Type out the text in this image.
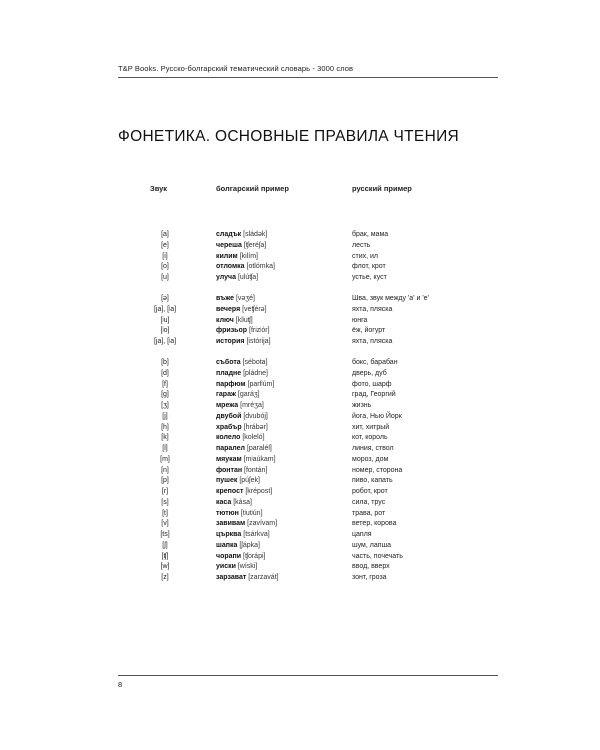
T&P Books. Русско-болгарский тематический словарь - 3000 слов
ФОНЕТИКА. ОСНОВНЫЕ ПРАВИЛА ЧТЕНИЯ
Звук	болгарский пример	русский пример
[a]	сладък [sládək]	брак, мама
[e]	череша [ʧeréʃa]	лесть
[i]	килим [kilím]	стих, ил
[o]	отломка [otlómka]	флот, крот
[u]	улуча [ulúʧa]	устье, куст
[ə]	въже [vəʒé]	Шва, звук между 'а' и 'е'
[ja], [ʲa]	вечеря [veʧérə]	яхта, пляска
[ʲu]	ключ [klʲuʧ]	юнга
[ʲo]	фризьор [frizʲór]	ёж, йогурт
[ja], [ʲa]	история [istórija]	яхта, пляска
[b]	събота [sébota]	бокс, барабан
[d]	пладне [pládne]	дверь, дуб
[f]	парфюм [parfʲúm]	фото, шарф
[g]	гараж [garáʒ]	град, Георгий
[ʒ]	мрежа [mréʒa]	жизнь
[j]	двубой [dvubój]	йога, Нью Йорк
[h]	храбър [hrábər]	хит, хитрый
[k]	колело [koleló]	кот, король
[l]	паралел [paralél]	линия, ствол
[m]	мяукам [mʲaúkam]	мороз, дом
[n]	фонтан [fontán]	номер, сторона
[p]	пушек [púʃek]	пиво, капать
[r]	крепост [krépost]	робот, крот
[s]	каса [kása]	сила, трус
[t]	тютюн [tʲutʲún]	трава, рот
[v]	завивам [zavívam]	ветер, корова
[ts]	църква [tsárkva]	цапля
[ʃ]	шапка [ʃápka]	шум, лапша
[ʧ]	чорапи [ʧorápi]	часть, почечать
[w]	уиски [wíski]	ввод, вверх
[z]	зарзават [zarzavát]	зонт, гроза
8
